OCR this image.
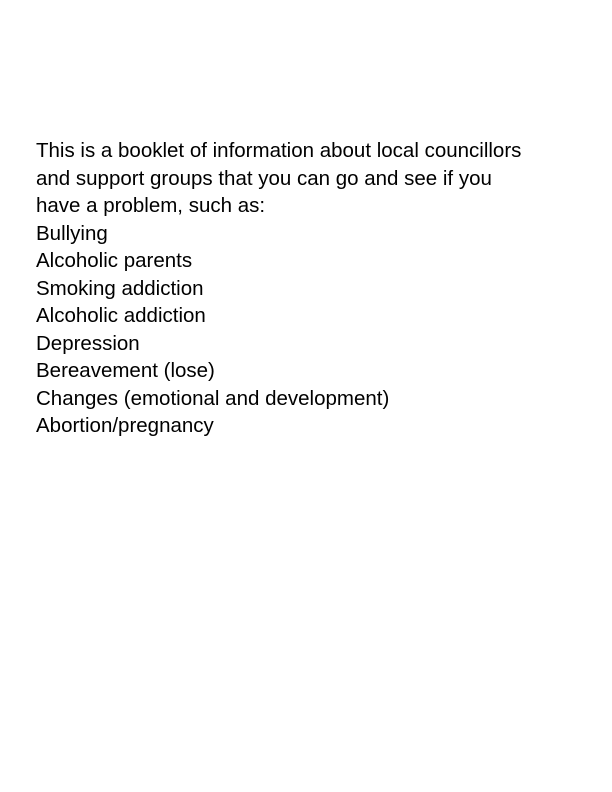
This is a booklet of information about local councillors
and support groups that you can go and see if you
have a problem, such as:
Bullying
Alcoholic parents
Smoking addiction
Alcoholic addiction
Depression
Bereavement (lose)
Changes (emotional and development)
Abortion/pregnancy
